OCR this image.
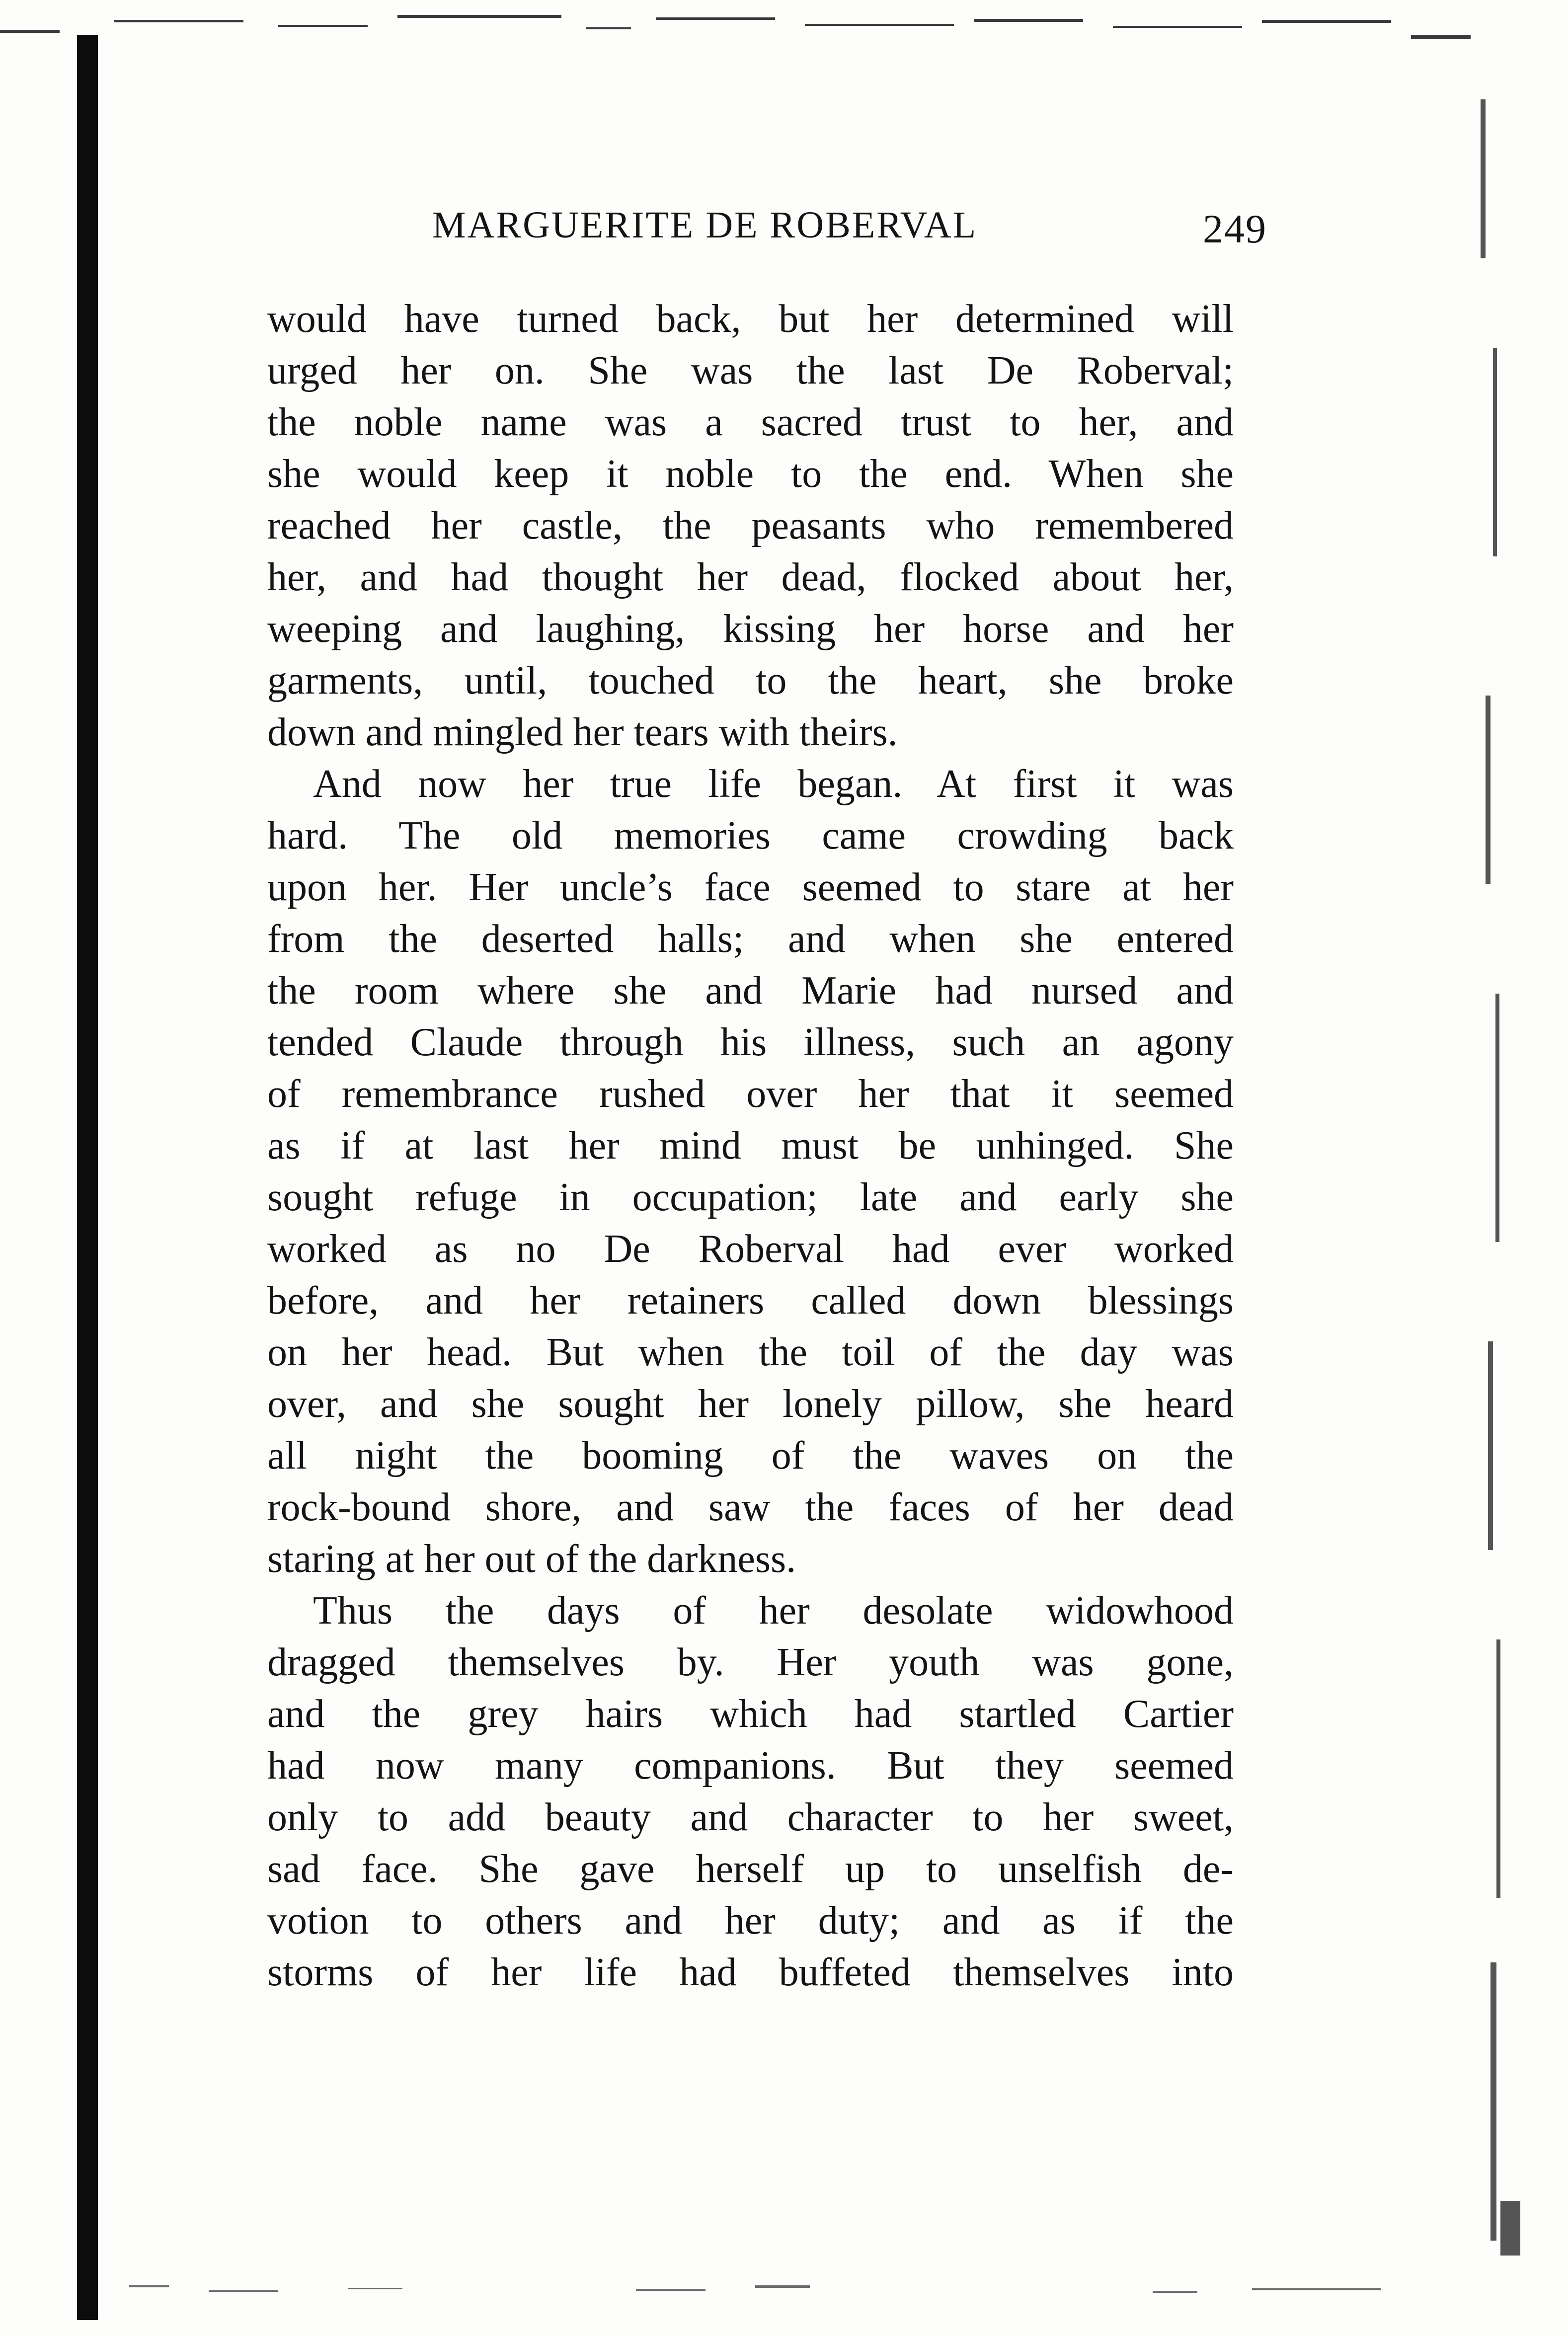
MARGUERITE DE ROBERVAL	249
would have turned back, but her determined will
urged her on. She was the last De Roberval;
the noble name was a sacred trust to her, and
she would keep it noble to the end. When she
reached her castle, the peasants who remembered
her, and had thought her dead, flocked about her,
weeping and laughing, kissing her horse and her
garments, until, touched to the heart, she broke
down and mingled her tears with theirs.
And now her true life began. At first it was
hard. The old memories came crowding back
upon her. Her uncle’s face seemed to stare at her
from the deserted halls; and when she entered
the room where she and Marie had nursed and
tended Claude through his illness, such an agony
of remembrance rushed over her that it seemed
as if at last her mind must be unhinged. She
sought refuge in occupation; late and early she
worked as no De Roberval had ever worked
before, and her retainers called down blessings
on her head. But when the toil of the day was
over, and she sought her lonely pillow, she heard
all night the booming of the waves on the
rock-bound shore, and saw the faces of her dead
staring at her out of the darkness.
Thus the days of her desolate widowhood
dragged themselves by. Her youth was gone,
and the grey hairs which had startled Cartier
had now many companions. But they seemed
only to add beauty and character to her sweet,
sad face. She gave herself up to unselfish de-
votion to others and her duty; and as if the
storms of her life had buffeted themselves into
